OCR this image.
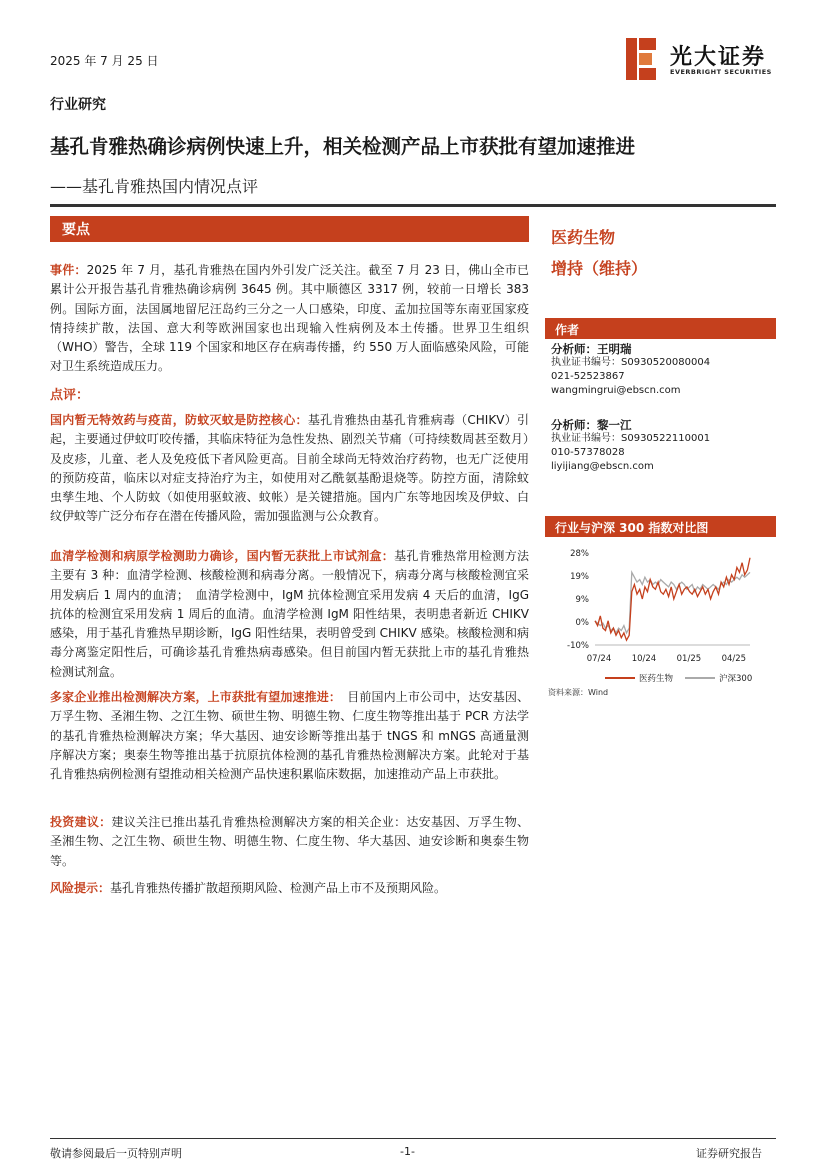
2025 年 7 月 25 日	光大证券
EVERBRIGHT SECURITIES
行业研究
基孔肯雅热确诊病例快速上升，相关检测产品上市获批有望加速推进
——基孔肯雅热国内情况点评
要点
事件：2025 年 7 月，基孔肯雅热在国内外引发广泛关注。截至 7 月 23 日，佛山全市已累计公开报告基孔肯雅热确诊病例 3645 例。其中顺德区 3317 例，较前一日增长 383 例。国际方面，法国属地留尼汪岛约三分之一人口感染，印度、孟加拉国等东南亚国家疫情持续扩散，法国、意大利等欧洲国家也出现输入性病例及本土传播。世界卫生组织（WHO）警告，全球 119 个国家和地区存在病毒传播，约 550 万人面临感染风险，可能对卫生系统造成压力。
点评：
国内暂无特效药与疫苗，防蚊灭蚊是防控核心：基孔肯雅热由基孔肯雅病毒（CHIKV）引起，主要通过伊蚊叮咬传播，其临床特征为急性发热、剧烈关节痛（可持续数周甚至数月）及皮疹，儿童、老人及免疫低下者风险更高。目前全球尚无特效治疗药物，也无广泛使用的预防疫苗，临床以对症支持治疗为主，如使用对乙酰氨基酚退烧等。防控方面，清除蚊虫孳生地、个人防蚊（如使用驱蚊液、蚊帐）是关键措施。国内广东等地因埃及伊蚊、白纹伊蚊等广泛分布存在潜在传播风险，需加强监测与公众教育。
血清学检测和病原学检测助力确诊，国内暂无获批上市试剂盒：基孔肯雅热常用检测方法主要有 3 种：血清学检测、核酸检测和病毒分离。一般情况下，病毒分离与核酸检测宜采用发病后 1 周内的血清；　血清学检测中，IgM 抗体检测宜采用发病 4 天后的血清，IgG 抗体的检测宜采用发病 1 周后的血清。血清学检测 IgM 阳性结果，表明患者新近 CHIKV 感染，用于基孔肯雅热早期诊断，IgG 阳性结果，表明曾受到 CHIKV 感染。核酸检测和病毒分离鉴定阳性后，可确诊基孔肯雅热病毒感染。但目前国内暂无获批上市的基孔肯雅热检测试剂盒。
多家企业推出检测解决方案，上市获批有望加速推进：　目前国内上市公司中，达安基因、万孚生物、圣湘生物、之江生物、硕世生物、明德生物、仁度生物等推出基于 PCR 方法学的基孔肯雅热检测解决方案；华大基因、迪安诊断等推出基于 tNGS 和 mNGS 高通量测序解决方案；奥泰生物等推出基于抗原抗体检测的基孔肯雅热检测解决方案。此轮对于基孔肯雅热病例检测有望推动相关检测产品快速积累临床数据，加速推动产品上市获批。
投资建议：建议关注已推出基孔肯雅热检测解决方案的相关企业：达安基因、万孚生物、圣湘生物、之江生物、硕世生物、明德生物、仁度生物、华大基因、迪安诊断和奥泰生物等。
风险提示：基孔肯雅热传播扩散超预期风险、检测产品上市不及预期风险。
医药生物
增持（维持）
作者
分析师：王明瑞
执业证书编号：S0930520080004
021-52523867
wangmingrui@ebscn.com
分析师：黎一江
执业证书编号：S0930522110001
010-57378028
liyijiang@ebscn.com
行业与沪深 300 指数对比图
28%
19%
9%
0%
-10%
07/24 10/24 01/25 04/25
医药生物	沪深300
资料来源：Wind
敬请参阅最后一页特别声明	-1-	证券研究报告
